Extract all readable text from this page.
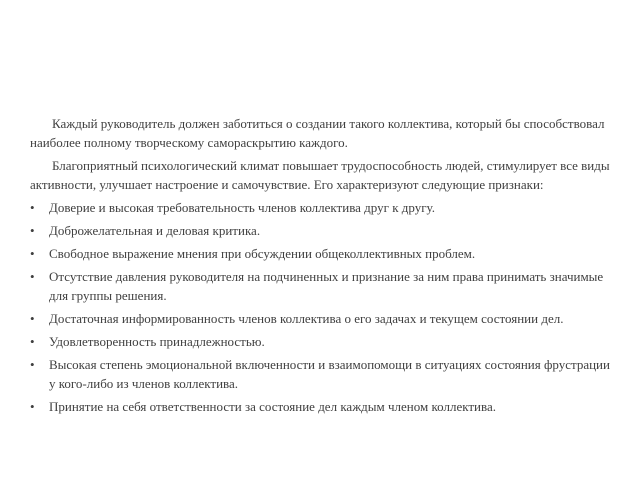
Каждый руководитель должен заботиться о создании такого коллектива, который бы способствовал наиболее полному творческому самораскрытию каждого.

Благоприятный психологический климат повышает трудоспособность людей, стимулирует все виды активности, улучшает настроение и самочувствие. Его характеризуют следующие признаки:

•	Доверие и высокая требовательность членов коллектива друг к другу.
•	Доброжелательная и деловая критика.
•	Свободное выражение мнения при обсуждении общеколлективных проблем.
•	Отсутствие давления руководителя на подчиненных и признание за ним права принимать значимые для группы решения.
•	Достаточная информированность членов коллектива о его задачах и текущем состоянии дел.
•	Удовлетворенность принадлежностью.
•	Высокая степень эмоциональной включенности и взаимопомощи в ситуациях состояния фрустрации у кого-либо из членов коллектива.
•	Принятие на себя ответственности за состояние дел каждым членом коллектива.
